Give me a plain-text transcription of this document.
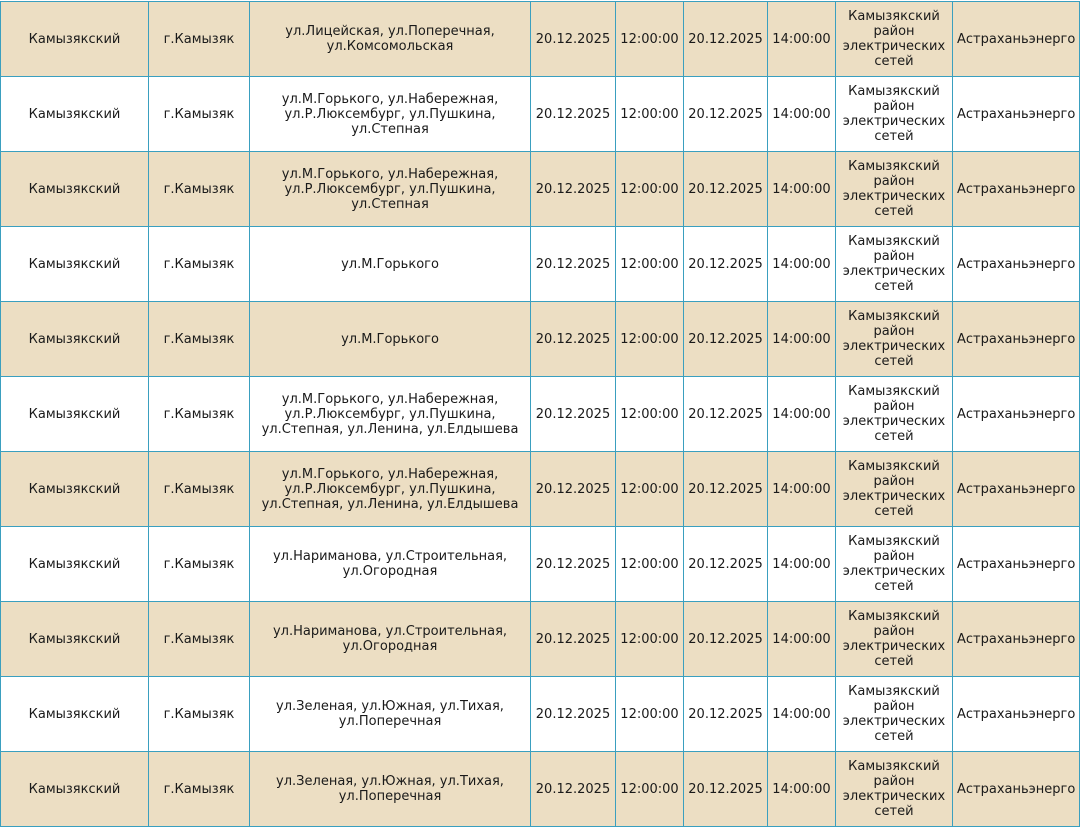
Камызякский	г.Камызяк	ул.Лицейская, ул.Поперечная, ул.Комсомольская	20.12.2025	12:00:00	20.12.2025	14:00:00	Камызякский район электрических сетей	Астраханьэнерго
Камызякский	г.Камызяк	ул.М.Горького, ул.Набережная, ул.Р.Люксембург, ул.Пушкина, ул.Степная	20.12.2025	12:00:00	20.12.2025	14:00:00	Камызякский район электрических сетей	Астраханьэнерго
Камызякский	г.Камызяк	ул.М.Горького, ул.Набережная, ул.Р.Люксембург, ул.Пушкина, ул.Степная	20.12.2025	12:00:00	20.12.2025	14:00:00	Камызякский район электрических сетей	Астраханьэнерго
Камызякский	г.Камызяк	ул.М.Горького	20.12.2025	12:00:00	20.12.2025	14:00:00	Камызякский район электрических сетей	Астраханьэнерго
Камызякский	г.Камызяк	ул.М.Горького	20.12.2025	12:00:00	20.12.2025	14:00:00	Камызякский район электрических сетей	Астраханьэнерго
Камызякский	г.Камызяк	ул.М.Горького, ул.Набережная, ул.Р.Люксембург, ул.Пушкина, ул.Степная, ул.Ленина, ул.Елдышева	20.12.2025	12:00:00	20.12.2025	14:00:00	Камызякский район электрических сетей	Астраханьэнерго
Камызякский	г.Камызяк	ул.М.Горького, ул.Набережная, ул.Р.Люксембург, ул.Пушкина, ул.Степная, ул.Ленина, ул.Елдышева	20.12.2025	12:00:00	20.12.2025	14:00:00	Камызякский район электрических сетей	Астраханьэнерго
Камызякский	г.Камызяк	ул.Нариманова, ул.Строительная, ул.Огородная	20.12.2025	12:00:00	20.12.2025	14:00:00	Камызякский район электрических сетей	Астраханьэнерго
Камызякский	г.Камызяк	ул.Нариманова, ул.Строительная, ул.Огородная	20.12.2025	12:00:00	20.12.2025	14:00:00	Камызякский район электрических сетей	Астраханьэнерго
Камызякский	г.Камызяк	ул.Зеленая, ул.Южная, ул.Тихая, ул.Поперечная	20.12.2025	12:00:00	20.12.2025	14:00:00	Камызякский район электрических сетей	Астраханьэнерго
Камызякский	г.Камызяк	ул.Зеленая, ул.Южная, ул.Тихая, ул.Поперечная	20.12.2025	12:00:00	20.12.2025	14:00:00	Камызякский район электрических сетей	Астраханьэнерго
